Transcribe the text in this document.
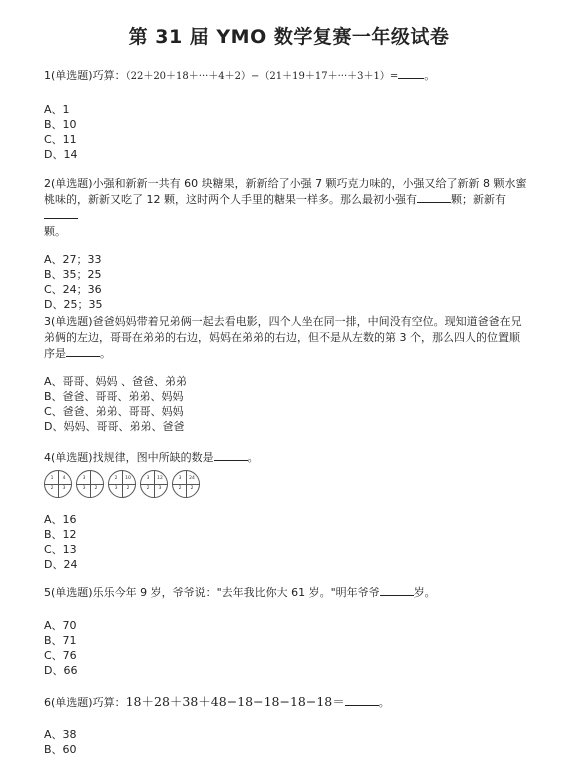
第 31 届 YMO 数学复赛一年级试卷

1(单选题)巧算：（22＋20＋18＋···＋4＋2）−（21＋19＋17＋···＋3＋1）= 。

A、1

B、10

C、11

D、14

2(单选题)小强和新新一共有 60 块糖果，新新给了小强 7 颗巧克力味的，小强又给了新新 8 颗水蜜

桃味的，新新又吃了 12 颗，这时两个人手里的糖果一样多。那么最初小强有	颗；新新有

颗。

A、27；33

B、35；25

C、24；36

D、25；35

3(单选题)爸爸妈妈带着兄弟俩一起去看电影，四个人坐在同一排，中间没有空位。现知道爸爸在兄

弟俩的左边，哥哥在弟弟的右边，妈妈在弟弟的右边，但不是从左数的第 3 个，那么四人的位置顺

序是	。

A、哥哥、妈妈 、爸爸、弟弟

B、爸爸、哥哥、弟弟、妈妈

C、爸爸、弟弟、哥哥、妈妈

D、妈妈、哥哥、弟弟、爸爸

4(单选题)找规律，图中所缺的数是	。

1	4
2	3
3
3	2
2	10
3	2
3	12
2	3
3	24
2	2

A、16

B、12

C、13

D、24

5(单选题)乐乐今年 9 岁，爷爷说："去年我比你大 61 岁。"明年爷爷	岁。

A、70

B、71

C、76

D、66

6(单选题)巧算：18＋28＋38＋48−18−18−18−18＝	。

A、38

B、60
